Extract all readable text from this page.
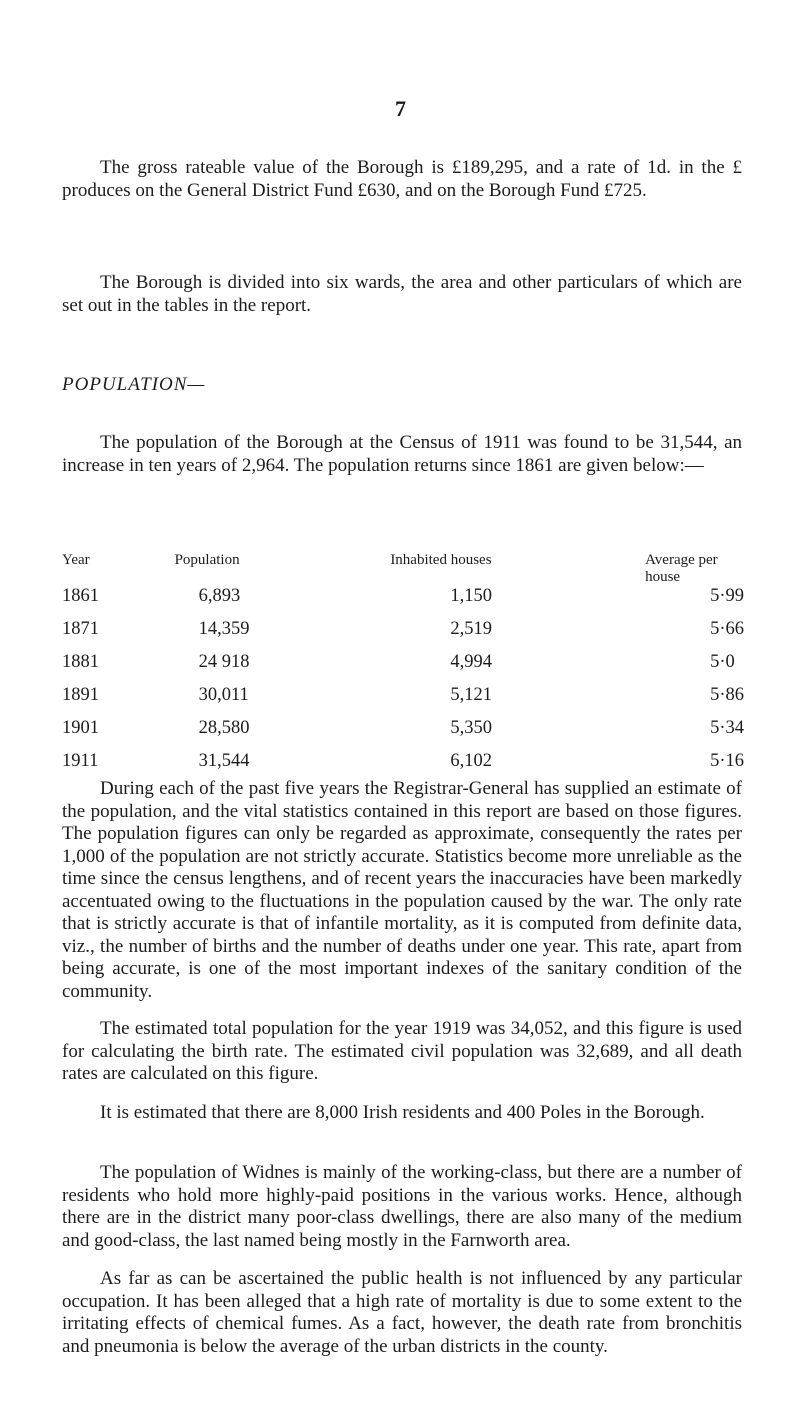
7

The gross rateable value of the Borough is £189,295, and a rate of 1d. in the £ produces on the General District Fund £630, and on the Borough Fund £725.

The Borough is divided into six wards, the area and other particulars of which are set out in the tables in the report.

POPULATION—

The population of the Borough at the Census of 1911 was found to be 31,544, an increase in ten years of 2,964. The population returns since 1861 are given below:—

Year	Population	Inhabited houses	Average per house
1861	6,893	1,150	5·99
1871	14,359	2,519	5·66
1881	24 918	4,994	5·0
1891	30,011	5,121	5·86
1901	28,580	5,350	5·34
1911	31,544	6,102	5·16

During each of the past five years the Registrar-General has supplied an estimate of the population, and the vital statistics contained in this report are based on those figures. The population figures can only be regarded as approximate, consequently the rates per 1,000 of the population are not strictly accurate. Statistics become more unreliable as the time since the census lengthens, and of recent years the inaccuracies have been markedly accentuated owing to the fluctuations in the population caused by the war. The only rate that is strictly accurate is that of infantile mortality, as it is computed from definite data, viz., the number of births and the number of deaths under one year. This rate, apart from being accurate, is one of the most important indexes of the sanitary condition of the community.

The estimated total population for the year 1919 was 34,052, and this figure is used for calculating the birth rate. The estimated civil population was 32,689, and all death rates are calculated on this figure.

It is estimated that there are 8,000 Irish residents and 400 Poles in the Borough.

The population of Widnes is mainly of the working-class, but there are a number of residents who hold more highly-paid positions in the various works. Hence, although there are in the district many poor-class dwellings, there are also many of the medium and good-class, the last named being mostly in the Farnworth area.

As far as can be ascertained the public health is not influenced by any particular occupation. It has been alleged that a high rate of mortality is due to some extent to the irritating effects of chemical fumes. As a fact, however, the death rate from bronchitis and pneumonia is below the average of the urban districts in the county.
